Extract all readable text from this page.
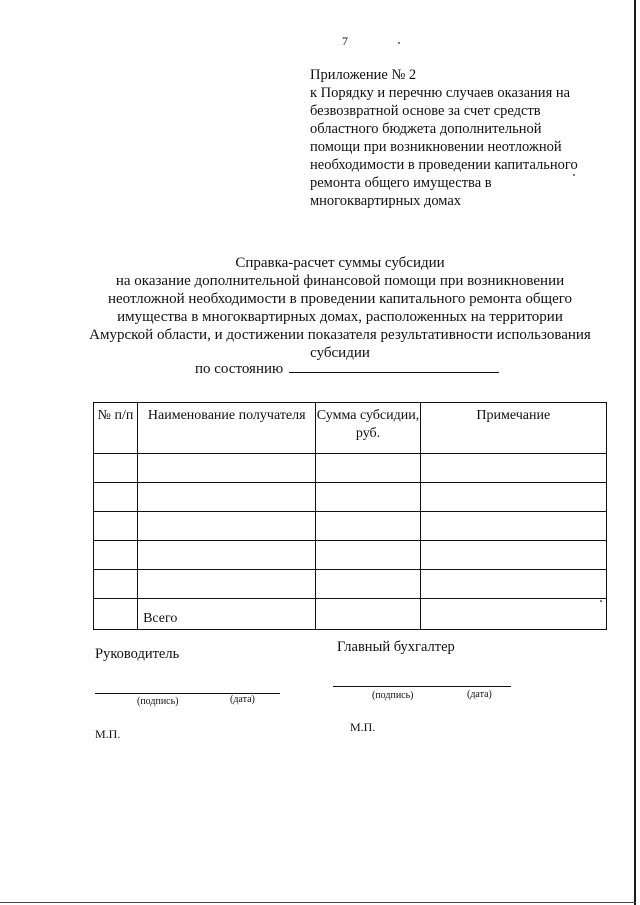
7
Приложение № 2
к Порядку и перечню случаев оказания на
безвозвратной основе за счет средств
областного бюджета дополнительной
помощи при возникновении неотложной
необходимости в проведении капитального
ремонта общего имущества в
многоквартирных домах
Справка-расчет суммы субсидии
на оказание дополнительной финансовой помощи при возникновении
неотложной необходимости в проведении капитального ремонта общего
имущества в многоквартирных домах, расположенных на территории
Амурской области, и достижении показателя результативности использования
субсидии
по состоянию
№ п/п	Наименование получателя	Сумма субсидии, руб.	Примечание

	Всего		
Руководитель	Главный бухгалтер
(подпись)	(дата)	(подпись)	(дата)
М.П.	М.П.
